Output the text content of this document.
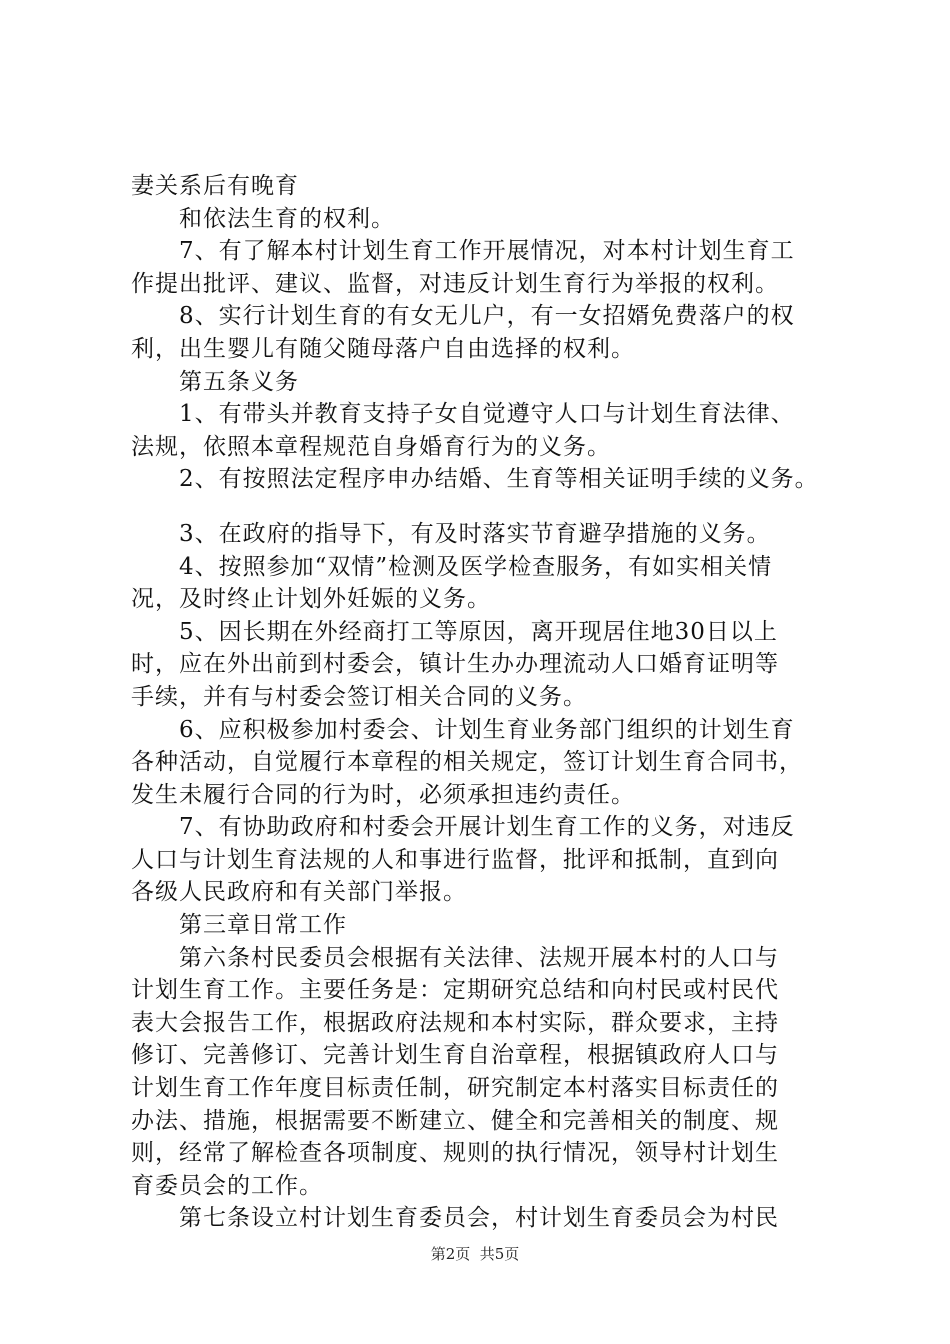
妻关系后有晚育
和依法生育的权利。
7、有了解本村计划生育工作开展情况，对本村计划生育工
作提出批评、建议、监督，对违反计划生育行为举报的权利。
8、实行计划生育的有女无儿户，有一女招婿免费落户的权
利，出生婴儿有随父随母落户自由选择的权利。
第五条义务
1、有带头并教育支持子女自觉遵守人口与计划生育法律、
法规，依照本章程规范自身婚育行为的义务。
2、有按照法定程序申办结婚、生育等相关证明手续的义务。
3、在政府的指导下，有及时落实节育避孕措施的义务。
4、按照参加“双情”检测及医学检查服务，有如实相关情
况，及时终止计划外妊娠的义务。
5、因长期在外经商打工等原因，离开现居住地30日以上
时，应在外出前到村委会，镇计生办办理流动人口婚育证明等
手续，并有与村委会签订相关合同的义务。
6、应积极参加村委会、计划生育业务部门组织的计划生育
各种活动，自觉履行本章程的相关规定，签订计划生育合同书，
发生未履行合同的行为时，必须承担违约责任。
7、有协助政府和村委会开展计划生育工作的义务，对违反
人口与计划生育法规的人和事进行监督，批评和抵制，直到向
各级人民政府和有关部门举报。
第三章日常工作
第六条村民委员会根据有关法律、法规开展本村的人口与
计划生育工作。主要任务是：定期研究总结和向村民或村民代
表大会报告工作，根据政府法规和本村实际，群众要求，主持
修订、完善修订、完善计划生育自治章程，根据镇政府人口与
计划生育工作年度目标责任制，研究制定本村落实目标责任的
办法、措施，根据需要不断建立、健全和完善相关的制度、规
则，经常了解检查各项制度、规则的执行情况，领导村计划生
育委员会的工作。
第七条设立村计划生育委员会，村计划生育委员会为村民
第2页  共5页
